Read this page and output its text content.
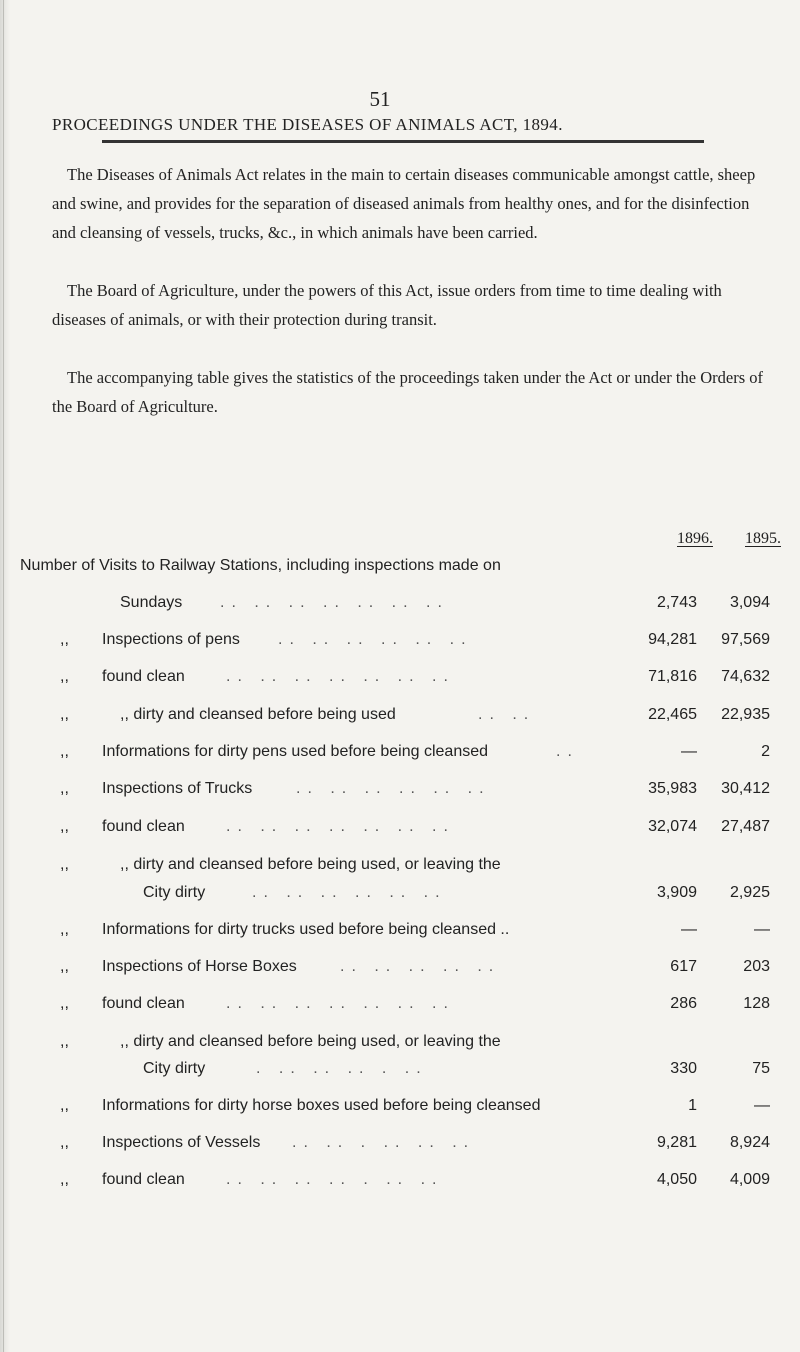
51
PROCEEDINGS UNDER THE DISEASES OF ANIMALS ACT, 1894.
The Diseases of Animals Act relates in the main to certain diseases communicable amongst cattle, sheep and swine, and provides for the separation of diseased animals from healthy ones, and for the disinfection and cleansing of vessels, trucks, &c., in which animals have been carried.
The Board of Agriculture, under the powers of this Act, issue orders from time to time dealing with diseases of animals, or with their protection during transit.
The accompanying table gives the statistics of the proceedings taken under the Act or under the Orders of the Board of Agriculture.
1896. 1895.
Number of Visits to Railway Stations, including inspections made on
Sundays .. .. .. .. .. .. ..	2,743 3,094
,, Inspections of pens .. .. .. .. .. ..	94,281 97,569
,, found clean	.. .. .. .. .. .. ..	71,816 74,632
,,	,, dirty and cleansed before being used	.. ..	22,465 22,935
,, Informations for dirty pens used before being cleansed	..	—	2
,, Inspections of Trucks	.. .. .. .. .. ..	35,983 30,412
,, found clean	.. .. .. .. .. .. ..	32,074 27,487
,,	,, dirty and cleansed before being used, or leaving the
City dirty	.. .. .. .. .. ..	3,909 2,925
,, Informations for dirty trucks used before being cleansed ..	—	—
,, Inspections of Horse Boxes	.. .. .. .. ..	617	203
,, found clean	.. .. .. .. .. .. ..	286	128
,,	,, dirty and cleansed before being used, or leaving the
City dirty	. .. .. .. . ..	330	75
,, Informations for dirty horse boxes used before being cleansed	1	—
,, Inspections of Vessels .. .. . .. .. ..	9,281 8,924
,, found clean	.. .. .. .. . .. ..	4,050 4,009
